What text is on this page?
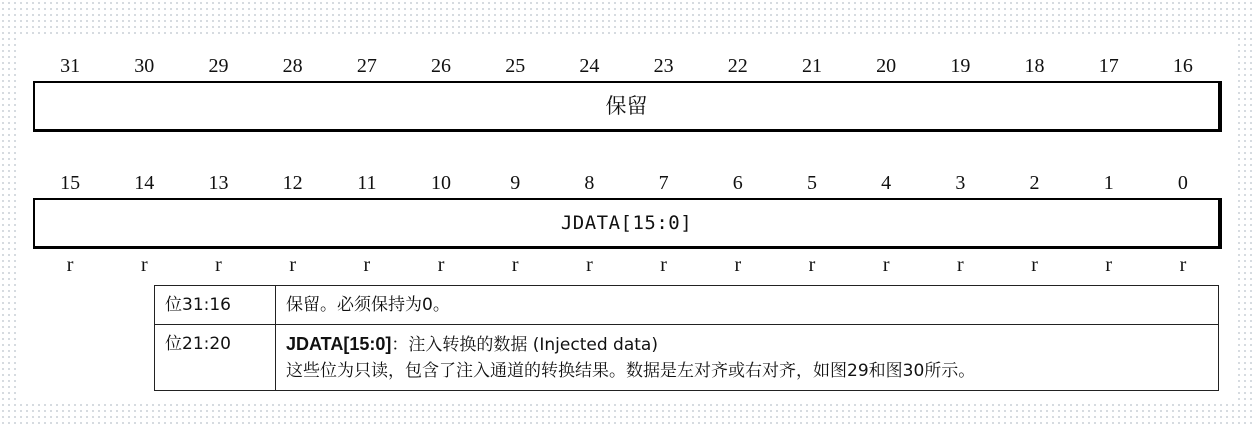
31	30	29	28	27	26	25	24	23	22	21	20	19	18	17	16
保留
15	14	13	12	11	10	9	8	7	6	5	4	3	2	1	0
JDATA[15:0]
r	r	r	r	r	r	r	r	r	r	r	r	r	r	r	r
位31:16	保留。必须保持为0。
位21:20	JDATA[15:0]：注入转换的数据 (Injected data)
这些位为只读，包含了注入通道的转换结果。数据是左对齐或右对齐，如图29和图30所示。
